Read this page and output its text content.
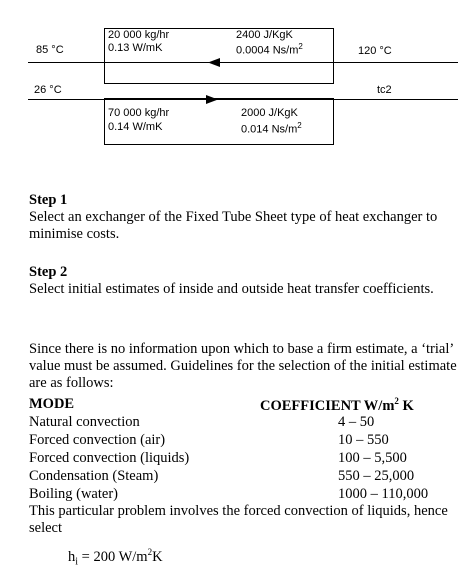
85 °C	120 °C
26 °C	tc2
20 000 kg/hr
0.13 W/mK
2400 J/KgK
0.0004 $Ns/m^2$
70 000 kg/hr
0.14 W/mK
2000 J/KgK
0.014 $Ns/m^2$
Step 1
Select an exchanger of the Fixed Tube Sheet type of heat exchanger to minimise costs.
Step 2
Select initial estimates of inside and outside heat transfer coefficients.
Since there is no information upon which to base a firm estimate, a ‘trial’ value must be assumed. Guidelines for the selection of the initial estimate are as follows:
MODE	COEFFICIENT $W/m^2$ K
Natural convection	4 – 50
Forced convection (air)	10 – 550
Forced convection (liquids)	100 – 5,500
Condensation (Steam)	550 – 25,000
Boiling (water)	1000 – 110,000
This particular problem involves the forced convection of liquids, hence select
$h_i = 200$ $W/m^2K$
